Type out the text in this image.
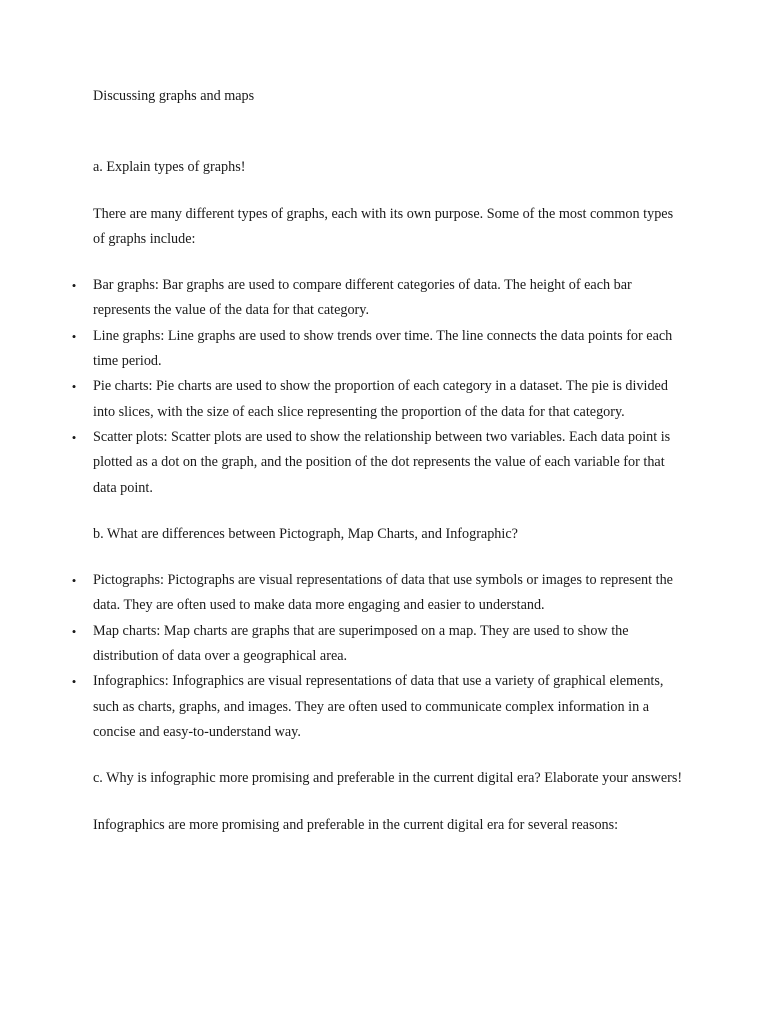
Discussing graphs and maps

a. Explain types of graphs!

There are many different types of graphs, each with its own purpose. Some of the most common types of graphs include:

• Bar graphs: Bar graphs are used to compare different categories of data. The height of each bar represents the value of the data for that category.
• Line graphs: Line graphs are used to show trends over time. The line connects the data points for each time period.
• Pie charts: Pie charts are used to show the proportion of each category in a dataset. The pie is divided into slices, with the size of each slice representing the proportion of the data for that category.
• Scatter plots: Scatter plots are used to show the relationship between two variables. Each data point is plotted as a dot on the graph, and the position of the dot represents the value of each variable for that data point.

b. What are differences between Pictograph, Map Charts, and Infographic?

• Pictographs: Pictographs are visual representations of data that use symbols or images to represent the data. They are often used to make data more engaging and easier to understand.
• Map charts: Map charts are graphs that are superimposed on a map. They are used to show the distribution of data over a geographical area.
• Infographics: Infographics are visual representations of data that use a variety of graphical elements, such as charts, graphs, and images. They are often used to communicate complex information in a concise and easy-to-understand way.

c. Why is infographic more promising and preferable in the current digital era? Elaborate your answers!

Infographics are more promising and preferable in the current digital era for several reasons:
